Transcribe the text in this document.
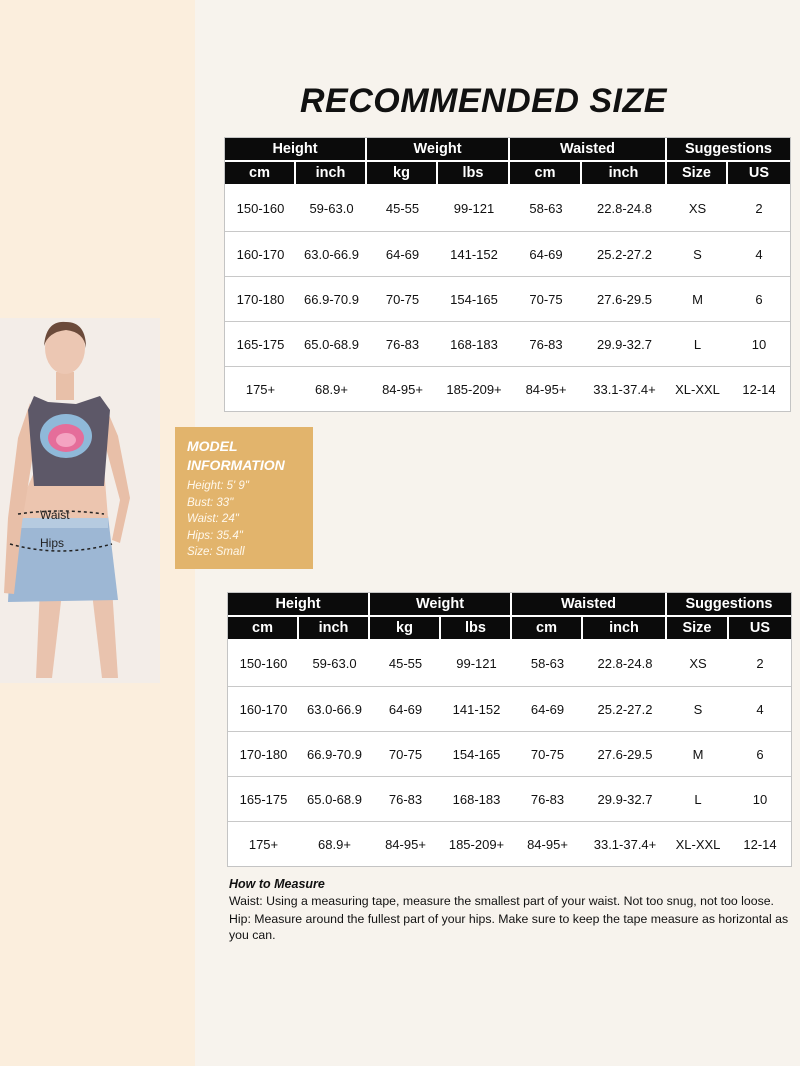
RECOMMENDED SIZE
Waist
Hips
MODEL INFORMATION
Height: 5' 9"
Bust: 33"
Waist: 24"
Hips: 35.4"
Size: Small
Height		Weight		Waisted		Suggestions	
cm	inch	kg	lbs	cm	inch	Size	US
150-160	59-63.0	45-55	99-121	58-63	22.8-24.8	XS	2
160-170	63.0-66.9	64-69	141-152	64-69	25.2-27.2	S	4
170-180	66.9-70.9	70-75	154-165	70-75	27.6-29.5	M	6
165-175	65.0-68.9	76-83	168-183	76-83	29.9-32.7	L	10
175+	68.9+	84-95+	185-209+	84-95+	33.1-37.4+	XL-XXL	12-14
Height		Weight		Waisted		Suggestions	
cm	inch	kg	lbs	cm	inch	Size	US
150-160	59-63.0	45-55	99-121	58-63	22.8-24.8	XS	2
160-170	63.0-66.9	64-69	141-152	64-69	25.2-27.2	S	4
170-180	66.9-70.9	70-75	154-165	70-75	27.6-29.5	M	6
165-175	65.0-68.9	76-83	168-183	76-83	29.9-32.7	L	10
175+	68.9+	84-95+	185-209+	84-95+	33.1-37.4+	XL-XXL	12-14
How to Measure

Waist: Using a measuring tape, measure the smallest part of your waist. Not too snug, not too loose.

Hip: Measure around the fullest part of your hips. Make sure to keep the tape measure as horizontal as you can.
